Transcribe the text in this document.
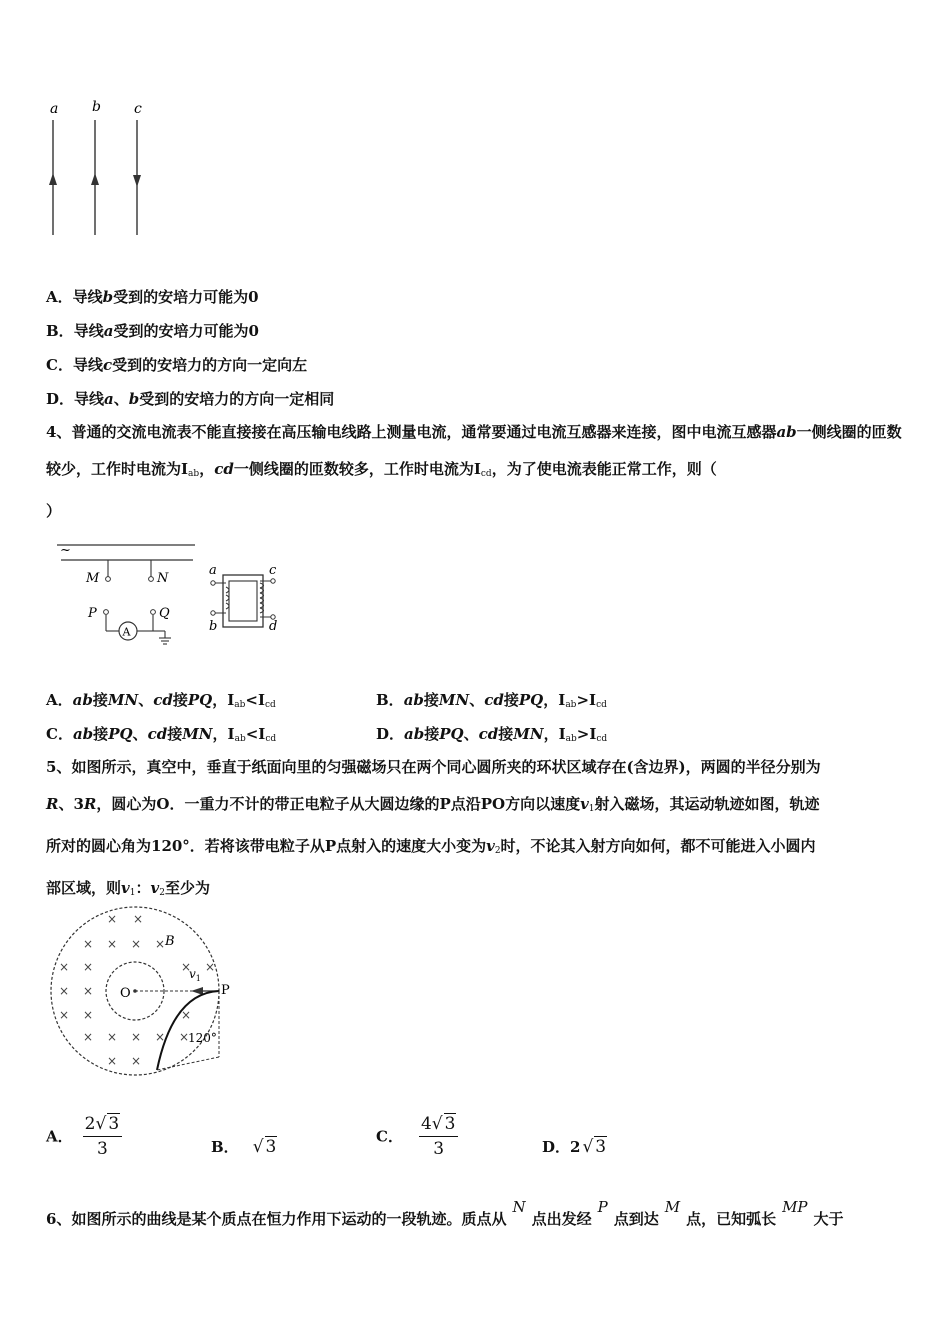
a b c
A．导线b受到的安培力可能为0
B．导线a受到的安培力可能为0
C．导线c受到的安培力的方向一定向左
D．导线a、b受到的安培力的方向一定相同
4、普通的交流电流表不能直接接在高压输电线路上测量电流，通常要通过电流互感器来连接，图中电流互感器ab一侧线圈的匝数较少，工作时电流为$I_{ab}$，cd一侧线圈的匝数较多，工作时电流为$I_{cd}$，为了使电流表能正常工作，则（
）
~
M	N
P
A
Q
a
b
c
d
A．ab接MN、cd接PQ，$I_{ab}<I_{cd}$	B．ab接MN、cd接PQ，$I_{ab}>I_{cd}$
C．ab接PQ、cd接MN，$I_{ab}<I_{cd}$	D．ab接PQ、cd接MN，$I_{ab}>I_{cd}$
5、如图所示，真空中，垂直于纸面向里的匀强磁场只在两个同心圆所夹的环状区域存在(含边界)，两圆的半径分别为
R、3R，圆心为O．一重力不计的带正电粒子从大圆边缘的P点沿PO方向以速度$v_1$射入磁场，其运动轨迹如图，轨迹
所对的圆心角为120°．若将该带电粒子从P点射入的速度大小变为$v_2$时，不论其入射方向如何，都不可能进入小圆内
部区域，则$v_1$：$v_2$至少为
× ×
× × × ×
× ×	× ×
× ×
× ×	×
× × × × ×
× ×
B
O
$v_1$
P
120°
A． $\frac{2√ 3}{3}$	B． √ 3
C． $\frac{4√ 3}{3}$	D．2 √ 3
6、如图所示的曲线是某个质点在恒力作用下运动的一段轨迹。质点从N点出发经P点到达M点，已知弧长MP大于
